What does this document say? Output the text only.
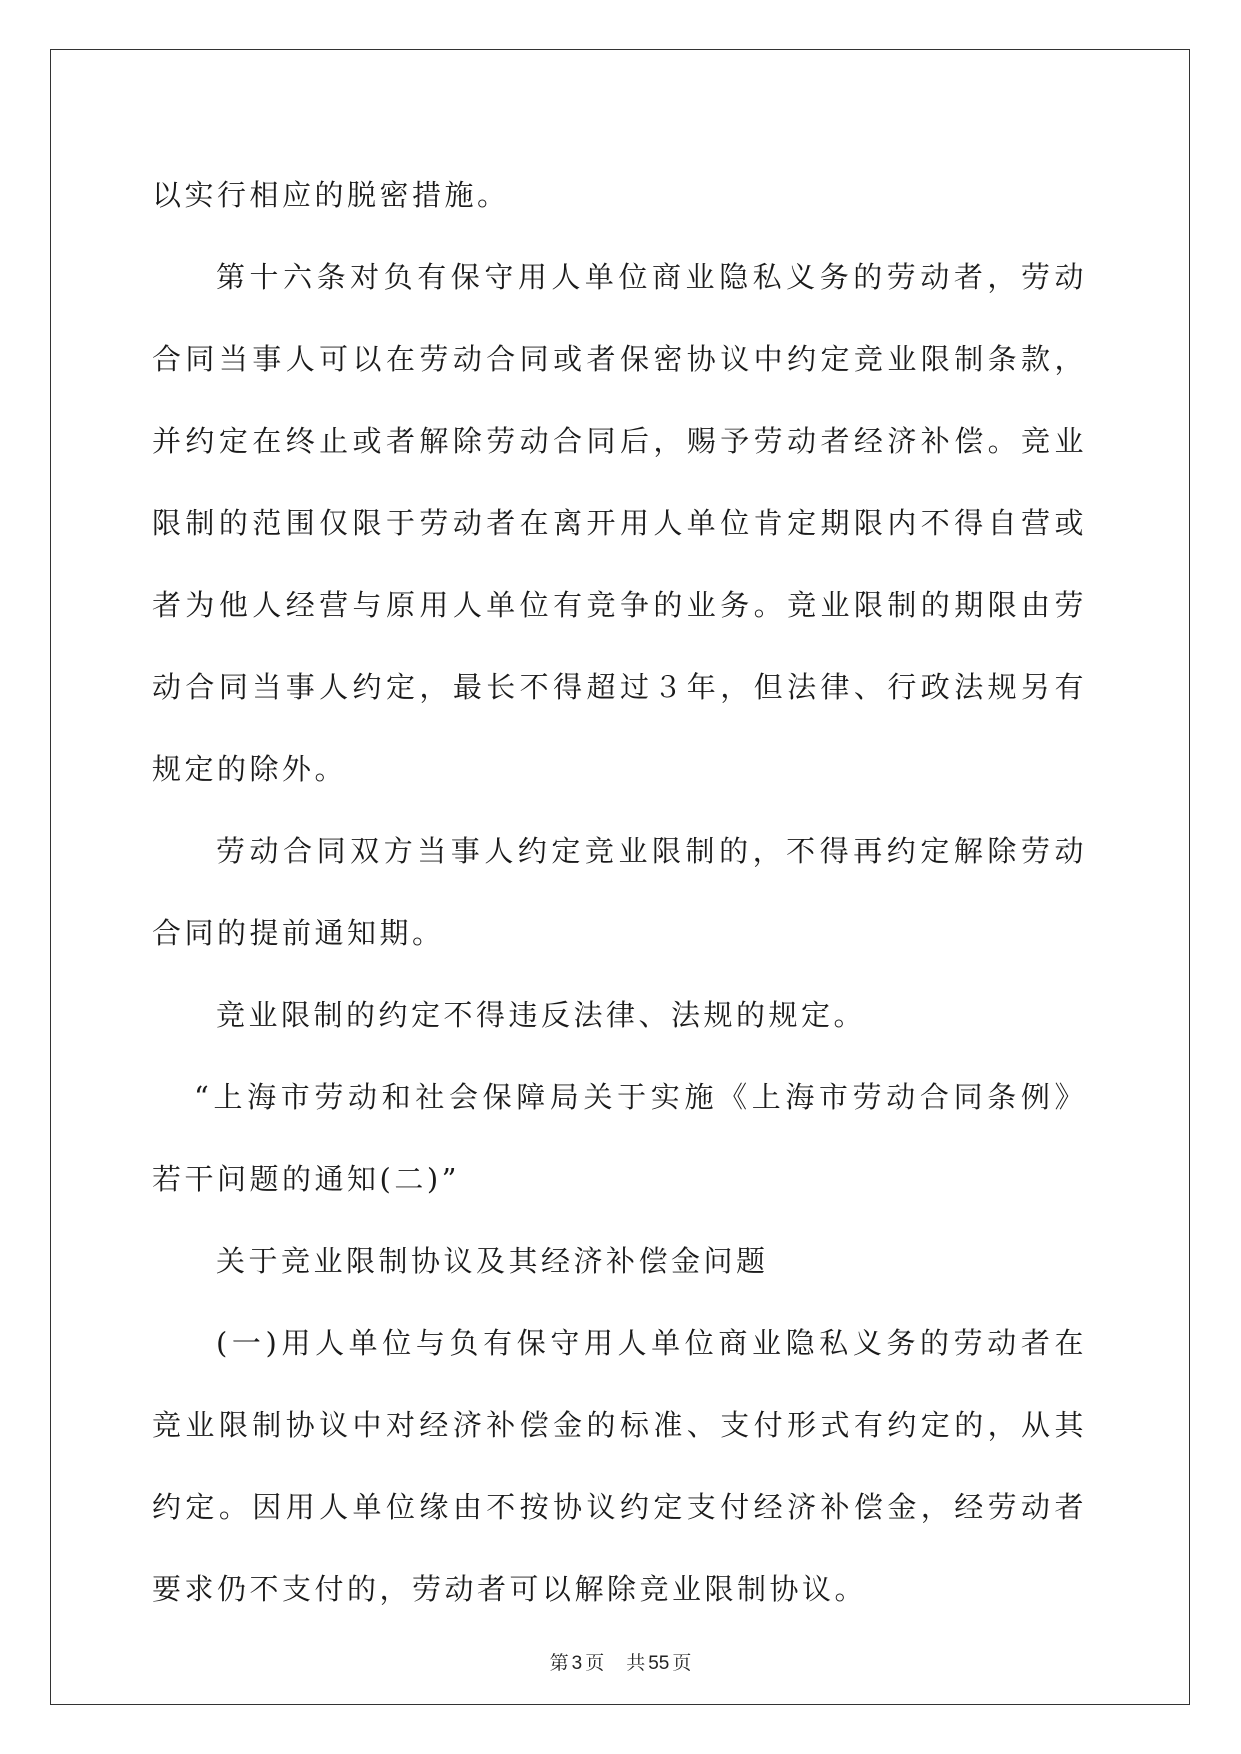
以实行相应的脱密措施。

第十六条对负有保守用人单位商业隐私义务的劳动者，劳动合同当事人可以在劳动合同或者保密协议中约定竞业限制条款，并约定在终止或者解除劳动合同后，赐予劳动者经济补偿。竞业限制的范围仅限于劳动者在离开用人单位肯定期限内不得自营或者为他人经营与原用人单位有竞争的业务。竞业限制的期限由劳动合同当事人约定，最长不得超过３年，但法律、行政法规另有规定的除外。

劳动合同双方当事人约定竞业限制的，不得再约定解除劳动合同的提前通知期。

竞业限制的约定不得违反法律、法规的规定。

“上海市劳动和社会保障局关于实施《上海市劳动合同条例》若干问题的通知(二)”

关于竞业限制协议及其经济补偿金问题

(一)用人单位与负有保守用人单位商业隐私义务的劳动者在竞业限制协议中对经济补偿金的标准、支付形式有约定的，从其约定。因用人单位缘由不按协议约定支付经济补偿金，经劳动者要求仍不支付的，劳动者可以解除竞业限制协议。

第 3 页 共 55 页
